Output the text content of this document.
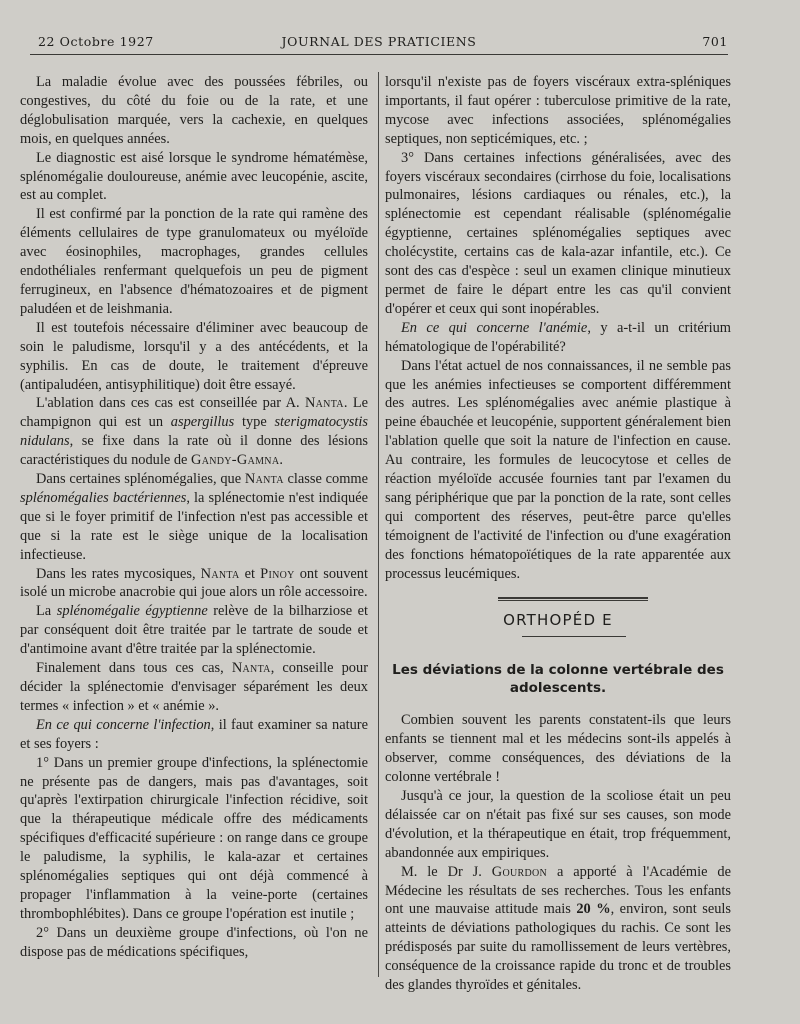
22 Octobre 1927	JOURNAL DES PRATICIENS	701

La maladie évolue avec des poussées fébriles, ou congestives, du côté du foie ou de la rate, et une déglobulisation marquée, vers la cachexie, en quelques mois, en quelques années.

Le diagnostic est aisé lorsque le syndrome hématémèse, splénomégalie douloureuse, anémie avec leucopénie, ascite, est au complet.

Il est confirmé par la ponction de la rate qui ramène des éléments cellulaires de type granulomateux ou myéloïde avec éosinophiles, macrophages, grandes cellules endothéliales renfermant quelquefois un peu de pigment ferrugineux, en l'absence d'hématozoaires et de pigment paludéen et de leishmania.

Il est toutefois nécessaire d'éliminer avec beaucoup de soin le paludisme, lorsqu'il y a des antécédents, et la syphilis. En cas de doute, le traitement d'épreuve (antipaludéen, antisyphilitique) doit être essayé.

L'ablation dans ces cas est conseillée par A. Nanta. Le champignon qui est un aspergillus type sterigmatocystis nidulans, se fixe dans la rate où il donne des lésions caractéristiques du nodule de Gandy-Gamna.

Dans certaines splénomégalies, que Nanta classe comme splénomégalies bactériennes, la splénectomie n'est indiquée que si le foyer primitif de l'infection n'est pas accessible et que si la rate est le siège unique de la localisation infectieuse.

Dans les rates mycosiques, Nanta et Pinoy ont souvent isolé un microbe anacrobie qui joue alors un rôle accessoire.

La splénomégalie égyptienne relève de la bilharziose et par conséquent doit être traitée par le tartrate de soude et d'antimoine avant d'être traitée par la splénectomie.

Finalement dans tous ces cas, Nanta, conseille pour décider la splénectomie d'envisager séparément les deux termes « infection » et « anémie ».

En ce qui concerne l'infection, il faut examiner sa nature et ses foyers :

1° Dans un premier groupe d'infections, la splénectomie ne présente pas de dangers, mais pas d'avantages, soit qu'après l'extirpation chirurgicale l'infection récidive, soit que la thérapeutique médicale offre des médicaments spécifiques d'efficacité supérieure : on range dans ce groupe le paludisme, la syphilis, le kala-azar et certaines splénomégalies septiques qui ont déjà commencé à propager l'inflammation à la veine-porte (certaines thrombophlébites). Dans ce groupe l'opération est inutile ;

2° Dans un deuxième groupe d'infections, où l'on ne dispose pas de médications spécifiques,

lorsqu'il n'existe pas de foyers viscéraux extra-spléniques importants, il faut opérer : tuberculose primitive de la rate, mycose avec infections associées, splénomégalies septiques, non septicémiques, etc. ;

3° Dans certaines infections généralisées, avec des foyers viscéraux secondaires (cirrhose du foie, localisations pulmonaires, lésions cardiaques ou rénales, etc.), la splénectomie est cependant réalisable (splénomégalie égyptienne, certaines splénomégalies septiques avec cholécystite, certains cas de kala-azar infantile, etc.). Ce sont des cas d'espèce : seul un examen clinique minutieux permet de faire le départ entre les cas qu'il convient d'opérer et ceux qui sont inopérables.

En ce qui concerne l'anémie, y a-t-il un critérium hématologique de l'opérabilité?

Dans l'état actuel de nos connaissances, il ne semble pas que les anémies infectieuses se comportent différemment des autres. Les splénomégalies avec anémie plastique à peine ébauchée et leucopénie, supportent généralement bien l'ablation quelle que soit la nature de l'infection en cause. Au contraire, les formules de leucocytose et celles de réaction myéloïde accusée fournies tant par l'examen du sang périphérique que par la ponction de la rate, sont celles qui comportent des réserves, peut-être parce qu'elles témoignent de l'activité de l'infection ou d'une exagération des fonctions hématopoïétiques de la rate apparentée aux processus leucémiques.

ORTHOPÉD E
Les déviations de la colonne vertébrale des adolescents.

Combien souvent les parents constatent-ils que leurs enfants se tiennent mal et les médecins sont-ils appelés à observer, comme conséquences, des déviations de la colonne vertébrale !

Jusqu'à ce jour, la question de la scoliose était un peu délaissée car on n'était pas fixé sur ses causes, son mode d'évolution, et la thérapeutique en était, trop fréquemment, abandonnée aux empiriques.

M. le Dr J. Gourdon a apporté à l'Académie de Médecine les résultats de ses recherches. Tous les enfants ont une mauvaise attitude mais 20 %, environ, sont seuls atteints de déviations pathologiques du rachis. Ce sont les prédisposés par suite du ramollissement de leurs vertèbres, conséquence de la croissance rapide du tronc et de troubles des glandes thyroïdes et génitales.
